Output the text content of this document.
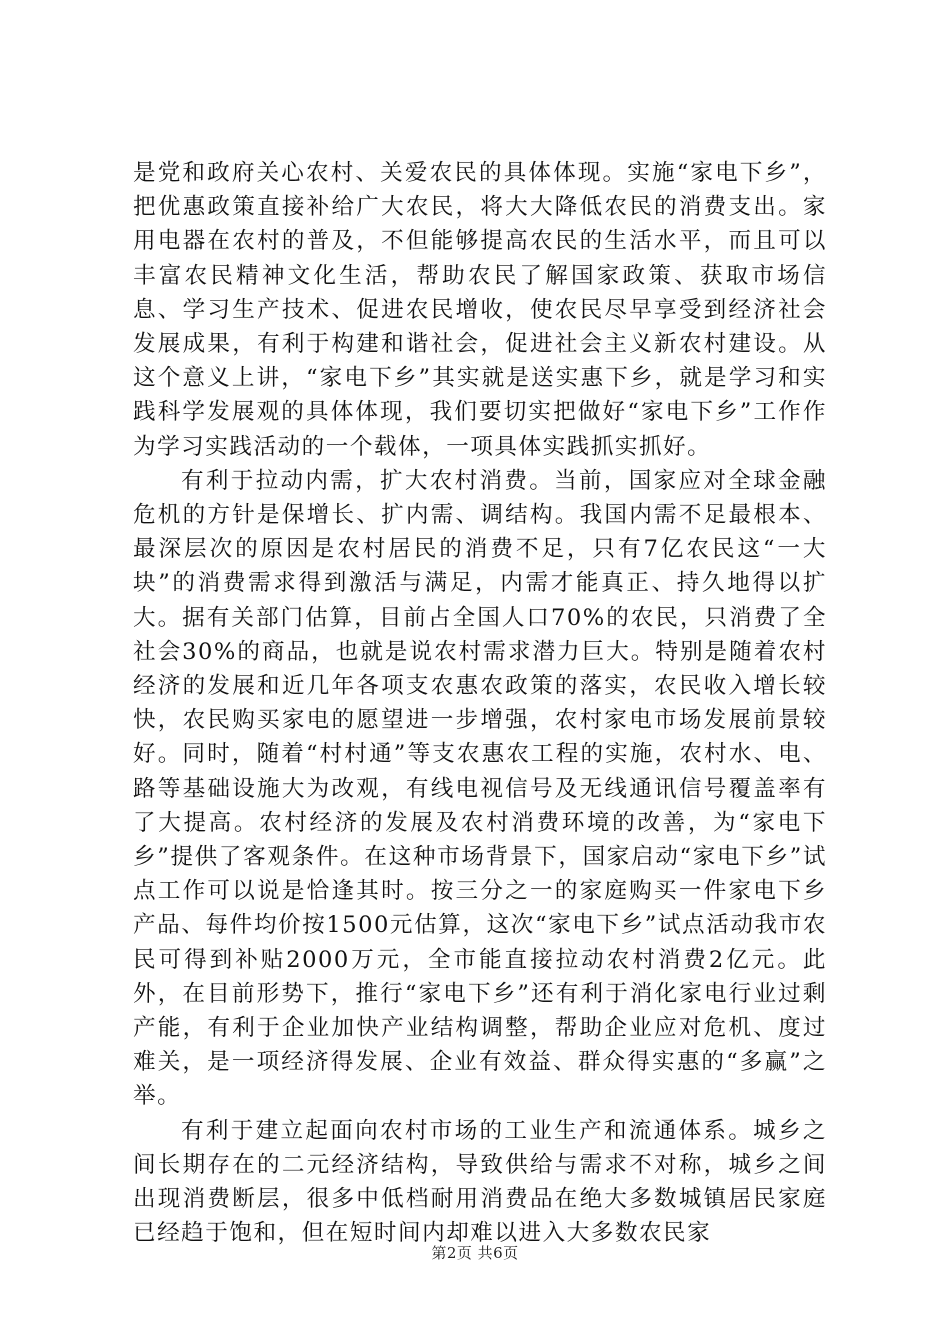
是党和政府关心农村、关爱农民的具体体现。实施“家电下乡”，把优惠政策直接补给广大农民，将大大降低农民的消费支出。家用电器在农村的普及，不但能够提高农民的生活水平，而且可以丰富农民精神文化生活，帮助农民了解国家政策、获取市场信息、学习生产技术、促进农民增收，使农民尽早享受到经济社会发展成果，有利于构建和谐社会，促进社会主义新农村建设。从这个意义上讲，“家电下乡”其实就是送实惠下乡，就是学习和实践科学发展观的具体体现，我们要切实把做好“家电下乡”工作作为学习实践活动的一个载体，一项具体实践抓实抓好。

有利于拉动内需，扩大农村消费。当前，国家应对全球金融危机的方针是保增长、扩内需、调结构。我国内需不足最根本、最深层次的原因是农村居民的消费不足，只有7亿农民这“一大块”的消费需求得到激活与满足，内需才能真正、持久地得以扩大。据有关部门估算，目前占全国人口70%的农民，只消费了全社会30%的商品，也就是说农村需求潜力巨大。特别是随着农村经济的发展和近几年各项支农惠农政策的落实，农民收入增长较快，农民购买家电的愿望进一步增强，农村家电市场发展前景较好。同时，随着“村村通”等支农惠农工程的实施，农村水、电、路等基础设施大为改观，有线电视信号及无线通讯信号覆盖率有了大提高。农村经济的发展及农村消费环境的改善，为“家电下乡”提供了客观条件。在这种市场背景下，国家启动“家电下乡”试点工作可以说是恰逢其时。按三分之一的家庭购买一件家电下乡产品、每件均价按1500元估算，这次“家电下乡”试点活动我市农民可得到补贴2000万元，全市能直接拉动农村消费2亿元。此外，在目前形势下，推行“家电下乡”还有利于消化家电行业过剩产能，有利于企业加快产业结构调整，帮助企业应对危机、度过难关，是一项经济得发展、企业有效益、群众得实惠的“多赢”之举。

有利于建立起面向农村市场的工业生产和流通体系。城乡之间长期存在的二元经济结构，导致供给与需求不对称，城乡之间出现消费断层，很多中低档耐用消费品在绝大多数城镇居民家庭已经趋于饱和，但在短时间内却难以进入大多数农民家

第2页 共6页
